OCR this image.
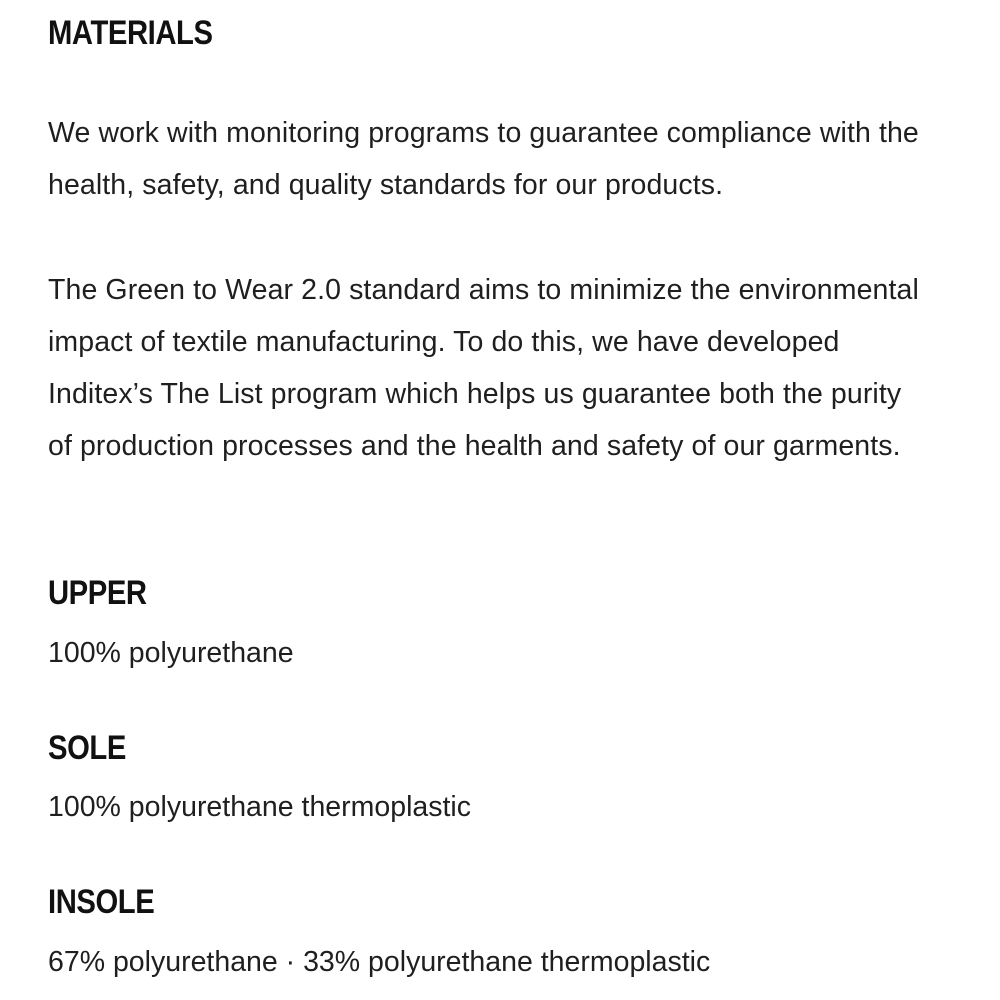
MATERIALS

We work with monitoring programs to guarantee compliance with the health, safety, and quality standards for our products.

The Green to Wear 2.0 standard aims to minimize the environmental impact of textile manufacturing. To do this, we have developed Inditex’s The List program which helps us guarantee both the purity of production processes and the health and safety of our garments.

UPPER

100% polyurethane

SOLE

100% polyurethane thermoplastic

INSOLE

67% polyurethane · 33% polyurethane thermoplastic
